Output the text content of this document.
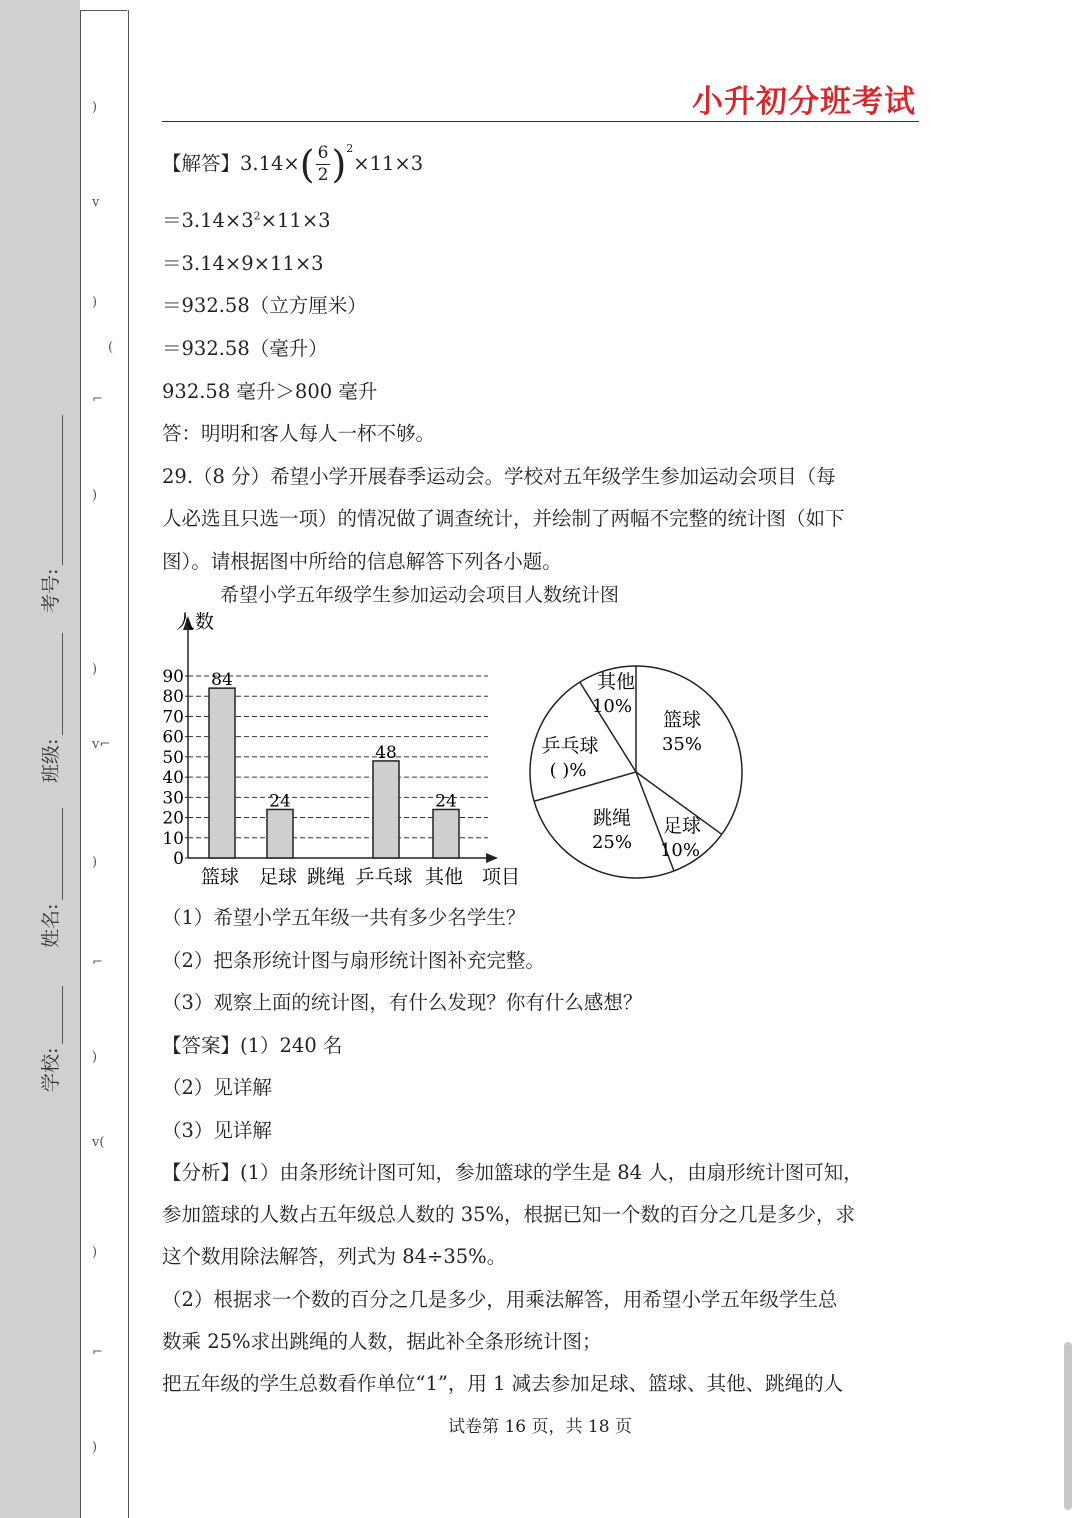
)
ⅴ
)
(
⌐
)
)
ⅴ⌐
)
⌐
)
ⅴ(
)
⌐
)
学校:
姓名:
班级:
考号:
小升初分班考试
【解答】$3.14\times( \frac{6}{2} )^2\times 11\times 3$
$=3.14\times 3^2\times 11\times 3$
＝3.14×9×11×3
＝932.58（立方厘米）
＝932.58（毫升）
932.58 毫升＞800 毫升
答：明明和客人每人一杯不够。
29.（8 分）希望小学开展春季运动会。学校对五年级学生参加运动会项目（每
人必选且只选一项）的情况做了调查统计，并绘制了两幅不完整的统计图（如下
图）。请根据图中所给的信息解答下列各小题。
希望小学五年级学生参加运动会项目人数统计图
人数
项目
0
10
20
30
40
50
60
70
80
90
篮球
84
足球
24
跳绳 乒乓球
48
其他
24
篮球
35%
足球
10%
跳绳
25%
乒乓球
( )%
其他
10%
（1）希望小学五年级一共有多少名学生？
（2）把条形统计图与扇形统计图补充完整。
（3）观察上面的统计图，有什么发现？你有什么感想？
【答案】(1）240 名
（2）见详解
（3）见详解
【分析】(1）由条形统计图可知，参加篮球的学生是 84 人，由扇形统计图可知，
参加篮球的人数占五年级总人数的 35%，根据已知一个数的百分之几是多少，求
这个数用除法解答，列式为 84÷35%。
（2）根据求一个数的百分之几是多少，用乘法解答，用希望小学五年级学生总
数乘 25%求出跳绳的人数，据此补全条形统计图；
把五年级的学生总数看作单位“1”，用 1 减去参加足球、篮球、其他、跳绳的人
试卷第 16 页，共 18 页
